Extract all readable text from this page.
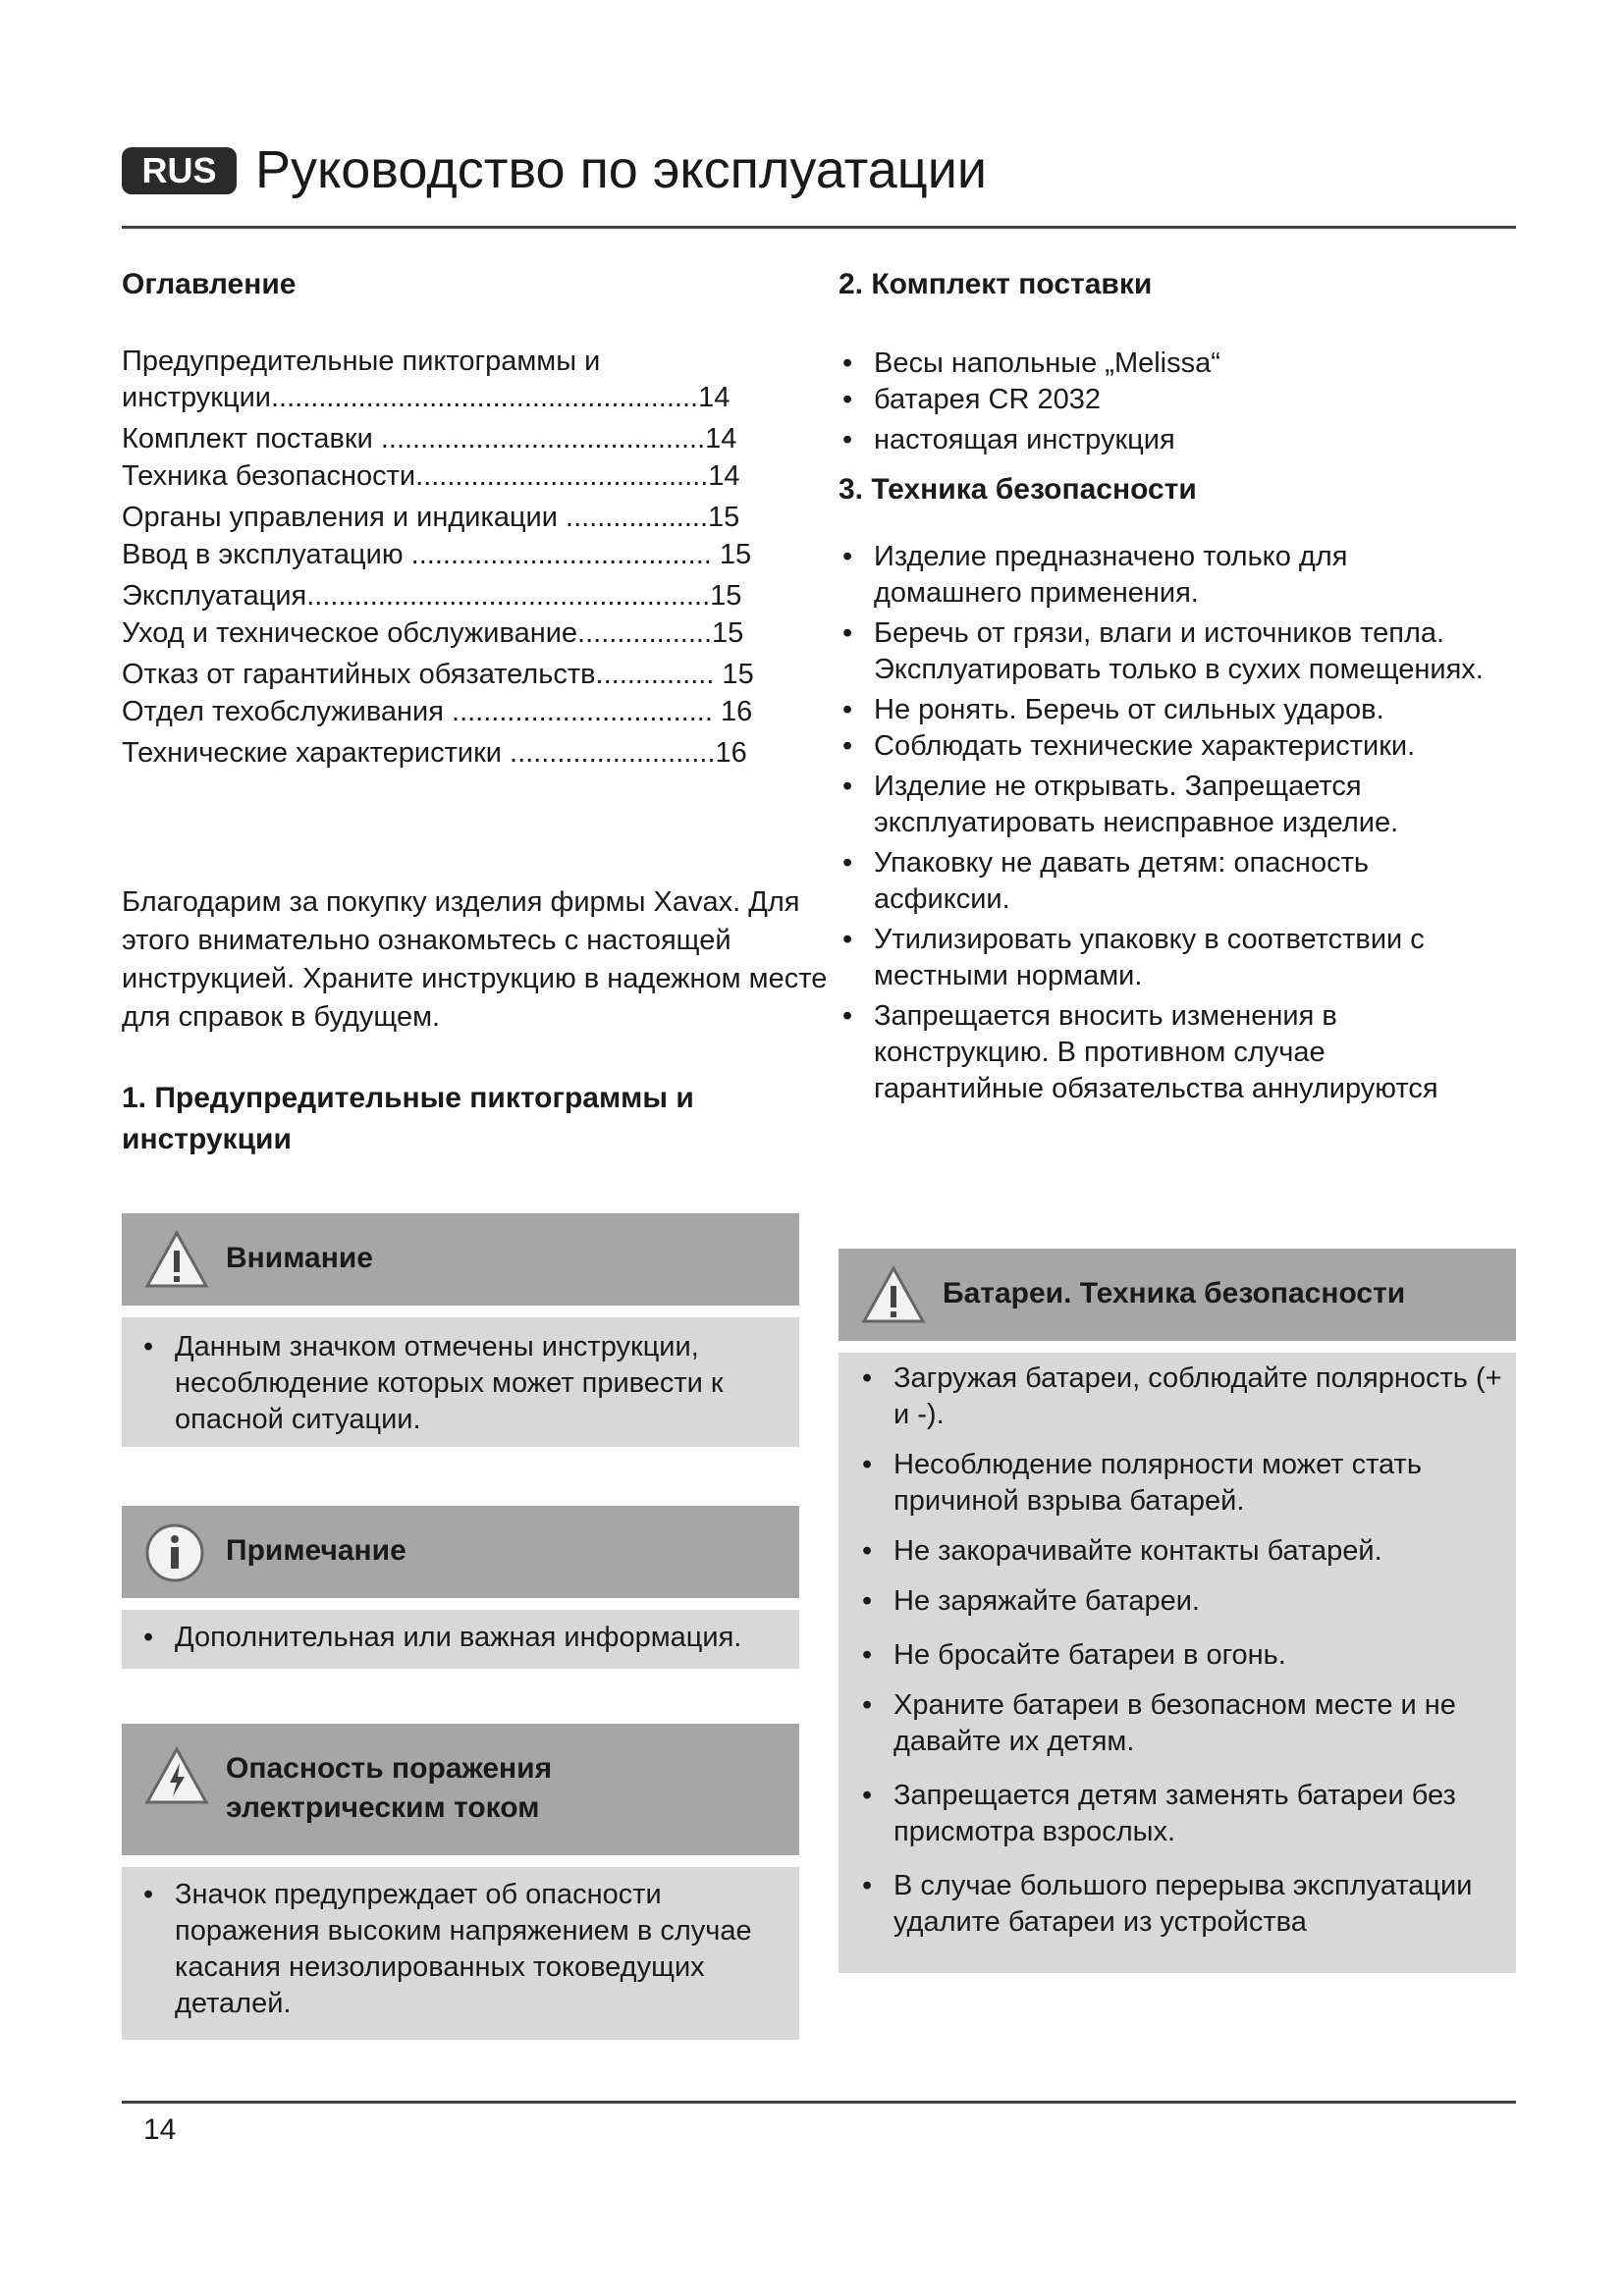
RUS Руководство по эксплуатации
Оглавление
Предупредительные пиктограммы и инструкции......................................................14
Комплект поставки .........................................14
Техника безопасности.....................................14
Органы управления и индикации ..................15
Ввод в эксплуатацию ...................................... 15
Эксплуатация...................................................15
Уход и техническое обслуживание.................15
Отказ от гарантийных обязательств............... 15
Отдел техобслуживания ................................. 16
Технические характеристики ..........................16

Благодарим за покупку изделия фирмы Xavax. Для этого внимательно ознакомьтесь с настоящей инструкцией. Храните инструкцию в надежном месте для справок в будущем.

1. Предупредительные пиктограммы и инструкции
Внимание
• Данным значком отмечены инструкции, несоблюдение которых может привести к опасной ситуации.
Примечание
• Дополнительная или важная информация.
Опасность поражения электрическим током
• Значок предупреждает об опасности поражения высоким напряжением в случае касания неизолированных токоведущих деталей.
2. Комплект поставки
• Весы напольные „Melissa“
• батарея CR 2032
• настоящая инструкция
3. Техника безопасности
• Изделие предназначено только для домашнего применения.
• Беречь от грязи, влаги и источников тепла. Эксплуатировать только в сухих помещениях.
• Не ронять. Беречь от сильных ударов.
• Соблюдать технические характеристики.
• Изделие не открывать. Запрещается эксплуатировать неисправное изделие.
• Упаковку не давать детям: опасность асфиксии.
• Утилизировать упаковку в соответствии с местными нормами.
• Запрещается вносить изменения в конструкцию. В противном случае гарантийные обязательства аннулируются
Батареи. Техника безопасности
• Загружая батареи, соблюдайте полярность (+ и -).
• Несоблюдение полярности может стать причиной взрыва батарей.
• Не закорачивайте контакты батарей.
• Не заряжайте батареи.
• Не бросайте батареи в огонь.
• Храните батареи в безопасном месте и не давайте их детям.
• Запрещается детям заменять батареи без присмотра взрослых.
• В случае большого перерыва эксплуатации удалите батареи из устройства
14
